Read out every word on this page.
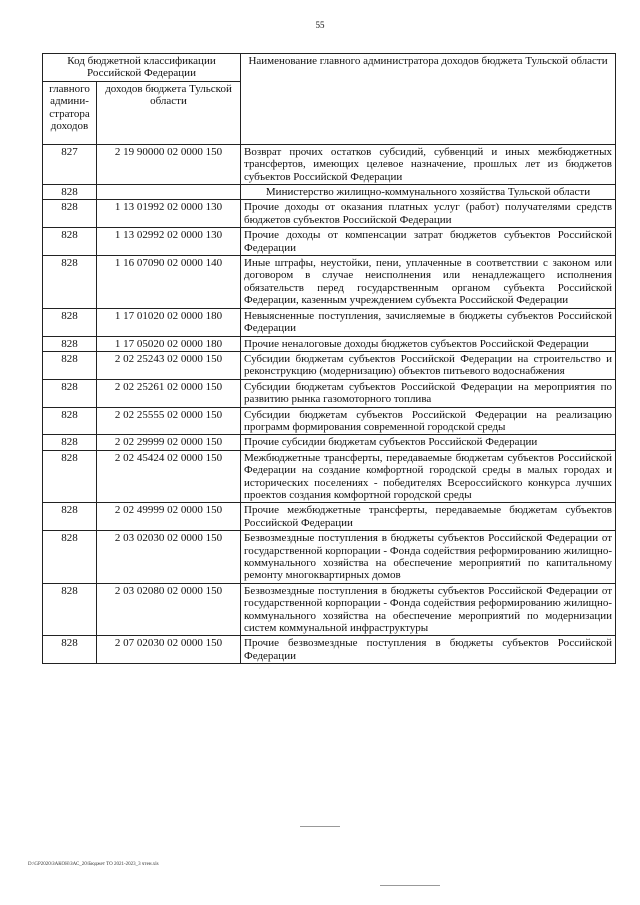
55
Код бюджетной классификации Российской Федерации		Наименование главного администратора доходов бюджета Тульской области
главного админи-стратора доходов	доходов бюджета Тульской области	
827	2 19 90000 02 0000 150	Возврат прочих остатков субсидий, субвенций и иных межбюджетных трансфертов, имеющих целевое назначение, прошлых лет из бюджетов субъектов Российской Федерации
828		Министерство жилищно-коммунального хозяйства Тульской области
828	1 13 01992 02 0000 130	Прочие доходы от оказания платных услуг (работ) получателями средств бюджетов субъектов Российской Федерации
828	1 13 02992 02 0000 130	Прочие доходы от компенсации затрат бюджетов субъектов Российской Федерации
828	1 16 07090 02 0000 140	Иные штрафы, неустойки, пени, уплаченные в соответствии с законом или договором в случае неисполнения или ненадлежащего исполнения обязательств перед государственным органом субъекта Российской Федерации, казенным учреждением субъекта Российской Федерации
828	1 17 01020 02 0000 180	Невыясненные поступления, зачисляемые в бюджеты субъектов Российской Федерации
828	1 17 05020 02 0000 180	Прочие неналоговые доходы бюджетов субъектов Российской Федерации
828	2 02 25243 02 0000 150	Субсидии бюджетам субъектов Российской Федерации на строительство и реконструкцию (модернизацию) объектов питьевого водоснабжения
828	2 02 25261 02 0000 150	Субсидии бюджетам субъектов Российской Федерации на мероприятия по развитию рынка газомоторного топлива
828	2 02 25555 02 0000 150	Субсидии бюджетам субъектов Российской Федерации на реализацию программ формирования современной городской среды
828	2 02 29999 02 0000 150	Прочие субсидии бюджетам субъектов Российской Федерации
828	2 02 45424 02 0000 150	Межбюджетные трансферты, передаваемые бюджетам субъектов Российской Федерации на создание комфортной городской среды в малых городах и исторических поселениях - победителях Всероссийского конкурса лучших проектов создания комфортной городской среды
828	2 02 49999 02 0000 150	Прочие межбюджетные трансферты, передаваемые бюджетам субъектов Российской Федерации
828	2 03 02030 02 0000 150	Безвозмездные поступления в бюджеты субъектов Российской Федерации от государственной корпорации - Фонда содействия реформированию жилищно-коммунального хозяйства на обеспечение мероприятий по капитальному ремонту многоквартирных домов
828	2 03 02080 02 0000 150	Безвозмездные поступления в бюджеты субъектов Российской Федерации от государственной корпорации - Фонда содействия реформированию жилищно-коммунального хозяйства на обеспечение мероприятий по модернизации систем коммунальной инфраструктуры
828	2 07 02030 02 0000 150	Прочие безвозмездные поступления в бюджеты субъектов Российской Федерации
D:\GP2020\ЗАКОН\ЗАС_20\Бюджет ТО 2021-2023_3 чтен.xls
